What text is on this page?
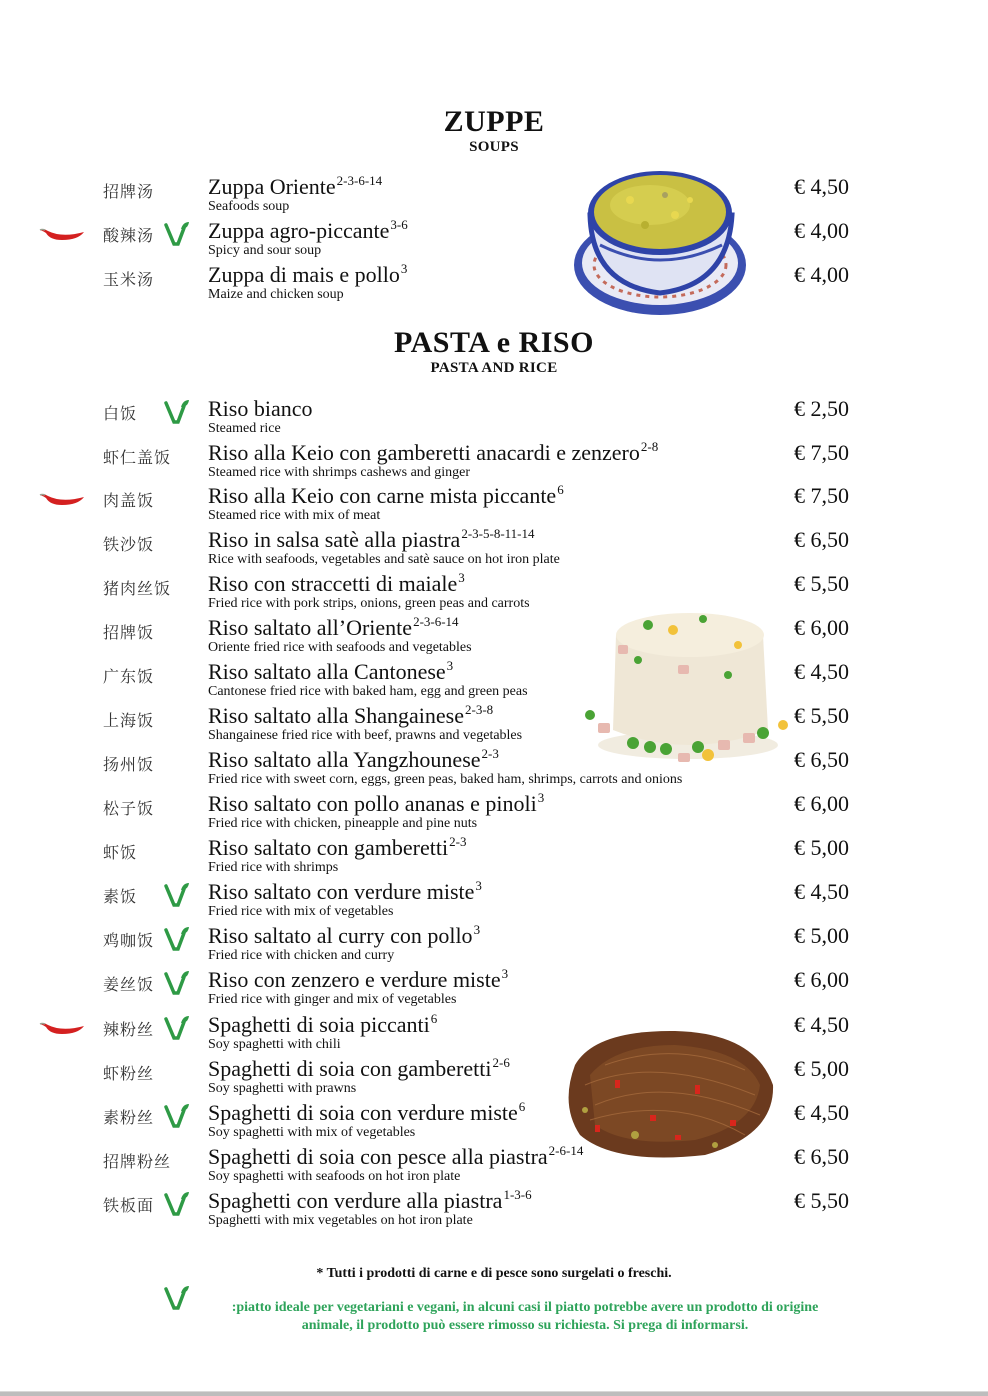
ZUPPE
SOUPS
招牌汤 Zuppa Oriente$^{2-3-6-14}$
Seafoods soup
€ 4,50
酸辣汤 Zuppa agro-piccante$^{3-6}$
Spicy and sour soup
€ 4,00
玉米汤 Zuppa di mais e pollo$^3$
Maize and chicken soup
€ 4,00
PASTA e RISO
PASTA AND RICE
白饭	Riso bianco
Steamed rice
€ 2,50
虾仁盖饭 Riso alla Keio con gamberetti anacardi e zenzero$^{2-8}$
Steamed rice with shrimps cashews and ginger
€ 7,50
肉盖饭 Riso alla Keio con carne mista piccante$^6$
Steamed rice with mix of meat
€ 7,50
铁沙饭 Riso in salsa satè alla piastra$^{2-3-5-8-11-14}$
Rice with seafoods, vegetables and satè sauce on hot iron plate
€ 6,50
猪肉丝饭 Riso con straccetti di maiale$^3$
Fried rice with pork strips, onions, green peas and carrots
€ 5,50
招牌饭 Riso saltato all’Oriente$^{2-3-6-14}$
Oriente fried rice with seafoods and vegetables
€ 6,00
广东饭 Riso saltato alla Cantonese$^3$
Cantonese fried rice with baked ham, egg and green peas
€ 4,50
上海饭 Riso saltato alla Shangainese$^{2-3-8}$
Shangainese fried rice with beef, prawns and vegetables
€ 5,50
扬州饭 Riso saltato alla Yangzhounese$^{2-3}$
Fried rice with sweet corn, eggs, green peas, baked ham, shrimps, carrots and onions
€ 6,50
松子饭 Riso saltato con pollo ananas e pinoli$^3$
Fried rice with chicken, pineapple and pine nuts
€ 6,00
虾饭	Riso saltato con gamberetti$^{2-3}$
Fried rice with shrimps
€ 5,00
素饭	Riso saltato con verdure miste$^3$
Fried rice with mix of vegetables
€ 4,50
鸡咖饭 Riso saltato al curry con pollo$^3$
Fried rice with chicken and curry
€ 5,00
姜丝饭 Riso con zenzero e verdure miste$^3$
Fried rice with ginger and mix of vegetables
€ 6,00
辣粉丝 Spaghetti di soia piccanti$^6$
Soy spaghetti with chili
€ 4,50
虾粉丝 Spaghetti di soia con gamberetti$^{2-6}$
Soy spaghetti with prawns
€ 5,00
素粉丝 Spaghetti di soia con verdure miste$^6$
Soy spaghetti with mix of vegetables
€ 4,50
招牌粉丝 Spaghetti di soia con pesce alla piastra$^{2-6-14}$
Soy spaghetti with seafoods on hot iron plate
€ 6,50
铁板面 Spaghetti con verdure alla piastra$^{1-3-6}$
Spaghetti with mix vegetables on hot iron plate
€ 5,50
* Tutti i prodotti di carne e di pesce sono surgelati o freschi.
:piatto ideale per vegetariani e vegani, in alcuni casi il piatto potrebbe avere un prodotto di origine
animale, il prodotto può essere rimosso su richiesta. Si prega di informarsi.
